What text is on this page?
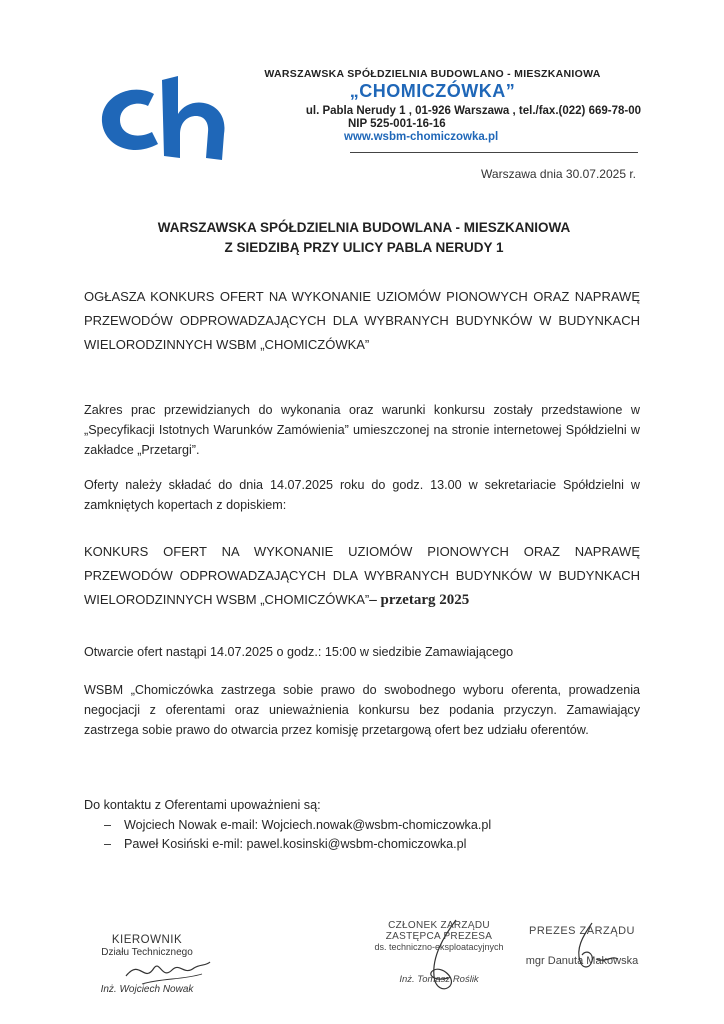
WARSZAWSKA SPÓŁDZIELNIA BUDOWLANO - MIESZKANIOWA
„CHOMICZÓWKA”
ul. Pabla Nerudy 1 , 01-926 Warszawa , tel./fax.(022) 669-78-00
NIP 525-001-16-16
www.wsbm-chomiczowka.pl
Warszawa dnia 30.07.2025 r.
WARSZAWSKA SPÓŁDZIELNIA BUDOWLANA - MIESZKANIOWA
Z SIEDZIBĄ PRZY ULICY PABLA NERUDY 1
OGŁASZA KONKURS OFERT NA WYKONANIE UZIOMÓW PIONOWYCH ORAZ NAPRAWĘ PRZEWODÓW ODPROWADZAJĄCYCH DLA WYBRANYCH BUDYNKÓW W BUDYNKACH WIELORODZINNYCH WSBM „CHOMICZÓWKA”
Zakres prac przewidzianych do wykonania oraz warunki konkursu zostały przedstawione w „Specyfikacji Istotnych Warunków Zamówienia” umieszczonej na stronie internetowej Spółdzielni w zakładce „Przetargi”.
Oferty należy składać do dnia 14.07.2025 roku do godz. 13.00 w sekretariacie Spółdzielni w zamkniętych kopertach z dopiskiem:
KONKURS OFERT NA WYKONANIE UZIOMÓW PIONOWYCH ORAZ NAPRAWĘ PRZEWODÓW ODPROWADZAJĄCYCH DLA WYBRANYCH BUDYNKÓW W BUDYNKACH WIELORODZINNYCH WSBM „CHOMICZÓWKA”– przetarg 2025
Otwarcie ofert nastąpi 14.07.2025 o godz.: 15:00 w siedzibie Zamawiającego
WSBM „Chomiczówka zastrzega sobie prawo do swobodnego wyboru oferenta, prowadzenia negocjacji z oferentami oraz unieważnienia konkursu bez podania przyczyn. Zamawiający zastrzega sobie prawo do otwarcia przez komisję przetargową ofert bez udziału oferentów.
Do kontaktu z Oferentami upoważnieni są:
– Wojciech Nowak e-mail: Wojciech.nowak@wsbm-chomiczowka.pl
– Paweł Kosiński e-mil: pawel.kosinski@wsbm-chomiczowka.pl
KIEROWNIK
Działu Technicznego
Inż. Wojciech Nowak
CZŁONEK ZARZĄDU
ZASTĘPCA PREZESA
ds. techniczno-eksploatacyjnych
Inż. Tomasz Roślik
PREZES ZARZĄDU
mgr Danuta Makowska
